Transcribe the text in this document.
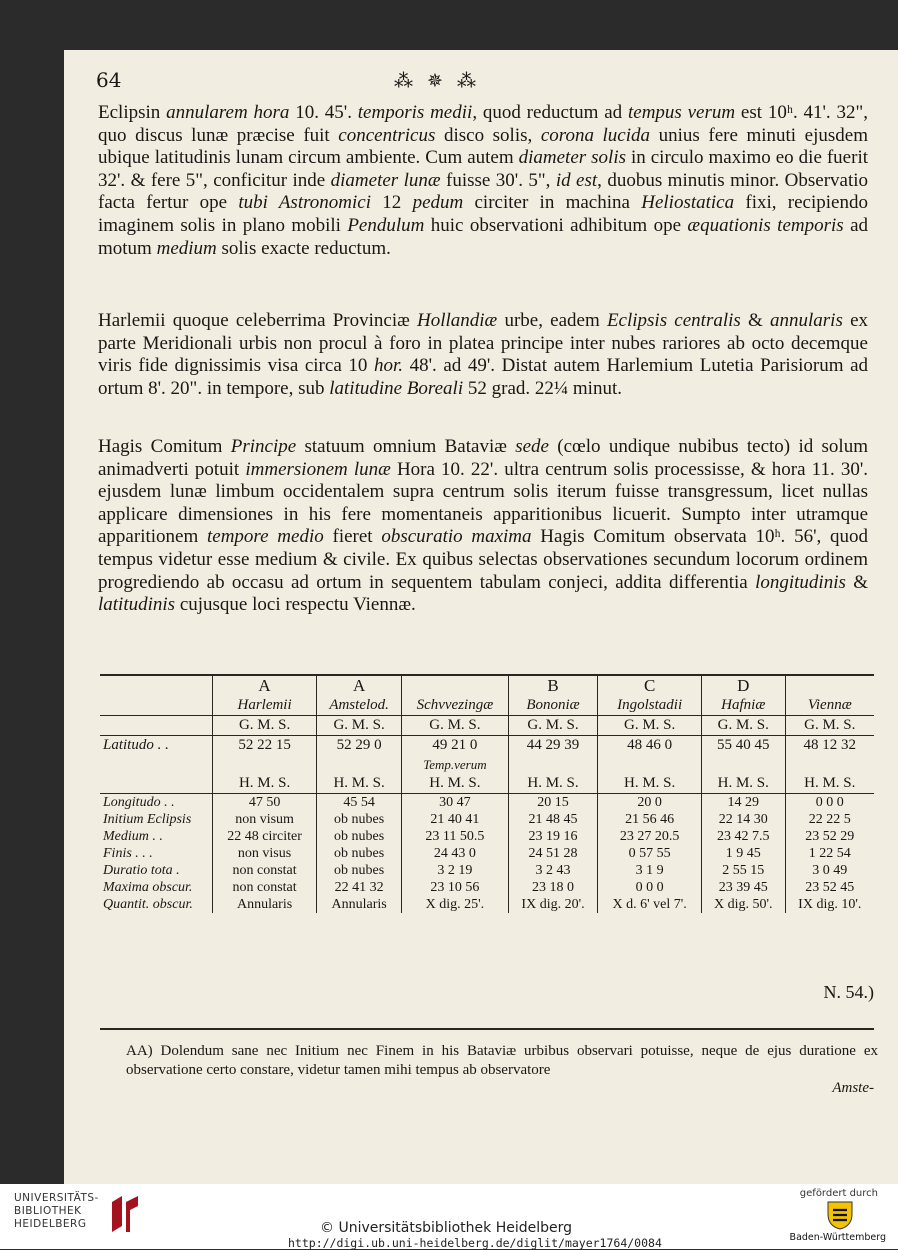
64	⁂ ✵ ⁂

Eclipsin annularem hora 10. 45'. temporis medii, quod reductum ad tempus verum est 10ʰ. 41'. 32", quo discus lunæ præcise fuit concentricus disco solis, corona lucida unius fere minuti ejusdem ubique latitudinis lunam circum ambiente. Cum autem diameter solis in circulo maximo eo die fuerit 32'. & fere 5", conficitur inde diameter lunæ fuisse 30'. 5", id est, duobus minutis minor. Observatio facta fertur ope tubi Astronomici 12 pedum circiter in machina Heliostatica fixi, recipiendo imaginem solis in plano mobili Pendulum huic observationi adhibitum ope æquationis temporis ad motum medium solis exacte reductum.

Harlemii quoque celeberrima Provinciæ Hollandiæ urbe, eadem Eclipsis centralis & annularis ex parte Meridionali urbis non procul à foro in platea principe inter nubes rariores ab octo decemque viris fide dignissimis visa circa 10 hor. 48'. ad 49'. Distat autem Harlemium Lutetia Parisiorum ad ortum 8'. 20". in tempore, sub latitudine Boreali 52 grad. 22¼ minut.

Hagis Comitum Principe statuum omnium Bataviæ sede (cœlo undique nubibus tecto) id solum animadverti potuit immersionem lunæ Hora 10. 22'. ultra centrum solis processisse, & hora 11. 30'. ejusdem lunæ limbum occidentalem supra centrum solis iterum fuisse transgressum, licet nullas applicare dimensiones in his fere momentaneis apparitionibus licuerit. Sumpto inter utramque apparitionem tempore medio fieret obscuratio maxima Hagis Comitum observata 10ʰ. 56', quod tempus videtur esse medium & civile. Ex quibus selectas observationes secundum locorum ordinem progrediendo ab occasu ad ortum in sequentem tabulam conjeci, addita differentia longitudinis & latitudinis cujusque loci respectu Viennæ.

	A	A		B	C	D	
	Harlemii	Amstelod.	Schvvezingæ	Bononiæ	Ingolstadii	Hafniæ	Viennæ
	G. M. S.	G. M. S.	G. M. S.	G. M. S.	G. M. S.	G. M. S.	G. M. S.
Latitudo . .	52 22 15	52 29 0	49 21 0	44 29 39	48 46 0	55 40 45	48 12 32
			Temp.verum				
	H. M. S.	H. M. S.	H. M. S.	H. M. S.	H. M. S.	H. M. S.	H. M. S.
Longitudo . .	47 50	45 54	30 47	20 15	20 0	14 29	0 0 0
Initium Eclipsis	non visum	ob nubes	21 40 41	21 48 45	21 56 46	22 14 30	22 22 5
Medium . .	22 48 circiter	ob nubes	23 11 50.5	23 19 16	23 27 20.5	23 42 7.5	23 52 29
Finis . . .	non visus	ob nubes	24 43 0	24 51 28	0 57 55	1 9 45	1 22 54
Duratio tota .	non constat	ob nubes	3 2 19	3 2 43	3 1 9	2 55 15	3 0 49
Maxima obscur.	non constat	22 41 32	23 10 56	23 18 0	0 0 0	23 39 45	23 52 45
Quantit. obscur.	Annularis	Annularis	X dig. 25'.	IX dig. 20'.	X d. 6' vel 7'.	X dig. 50'.	IX dig. 10'.
N. 54.)

AA) Dolendum sane nec Initium nec Finem in his Bataviæ urbibus observari potuisse, neque de ejus duratione ex observatione certo constare, videtur tamen mihi tempus ab observatore

Amste-
UNIVERSITÄTS-
BIBLIOTHEK
HEIDELBERG	© Universitätsbibliothek Heidelberg
http://digi.ub.uni-heidelberg.de/diglit/mayer1764/0084
gefördert durch
Baden-Württemberg
